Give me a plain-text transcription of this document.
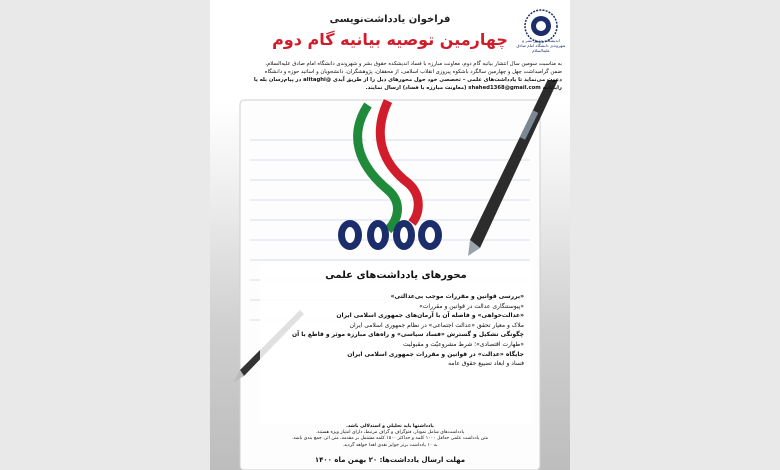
اندیشکده حقوق بشر و شهروندی دانشگاه امام صادق علیه‌السلام
فراخوان یادداشت‌نویسی
چهارمین توصیه بیانیه گام دوم

به مناسبت سومین سال انتشار بیانیه گام دوم، معاونت مبارزه با فساد اندیشکده حقوق بشر و شهروندی دانشگاه امام صادق علیه‌السلام،

ضمن گرامیداشت چهل و چهارمین سالگرد باشکوه پیروزی انقلاب اسلامی، از محققان، پژوهشگران، دانشجویان و اساتید حوزه و دانشگاه

دعوت می‌نماید تا یادداشت‌های علمی – تخصصی خود حول محورهای ذیل را از طریق آیدی @alitaghi در پیام‌رسان بله یا

رایانامه shahed1368@gmail.com (معاونت مبارزه با فساد) ارسال نمایند.

محورهای یادداشت‌های علمی
«بررسی قوانین و مقررات موجب بی‌عدالتی»
«پیوستنگاری عدالت در قوانین و مقررات»
«عدالت‌خواهی» و فاصله آن با آرمان‌های جمهوری اسلامی ایران
ملاک و معیار تحقق «عدالت اجتماعی» در نظام جمهوری اسلامی ایران
چگونگی تشکیل و گسترش «فساد سیاسی» و راه‌های مبارزه موثر و قاطع با آن
«طهارت اقتصادی»؛ شرط مشروعیّت و مقبولیت
جایگاه «عدالت» در قوانین و مقررات جمهوری اسلامی ایران
فساد و ابعاد تضییع حقوق عامه

یادداشتها باید تحلیلی و استدلالی باشد.

یادداشت‌های شامل نمودار، فتوگراف و گراف مرتبط، دارای امتیاز ویژه هستند.

متن یادداشت علمی حداقل ۱۰۰۰ کلمه و حداکثر ۱۵۰۰ کلمه مشتمل بر مقدمه، متن اثر، جمع بندی باشد.

به ۱۰ یادداشت برتر جوایز نقدی اهدا خواهد گردید.

مهلت ارسال یادداشت‌ها: ۲۰ بهمن ماه ۱۴۰۰
